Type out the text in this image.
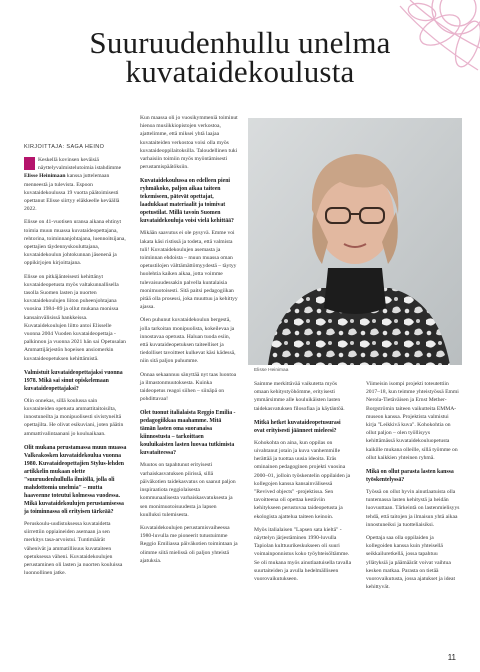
Suuruudenhullu unelma
kuvataidekoulusta
KIRJOITTAJA: SAGA HEINO

Keskellä kovinsen keväisiä näyttelyvalmistelutoimia istahdimme Elisse Heinimaan kanssa juttelemaan menneestä ja tulevista. Espoon kuvataidekoulussa 19 vuotta päätoimisesti opettanut Elisse siirtyy eläkkeelle keväällä 2022.

Elisse on 41-vuotisen uransa aikana ehtinyt toimia muun muassa kuvataideopettajana, rehtorina, toiminnanjohtajana, luennoitsijana, opettajien täydennyskouluttajana, kuvataidekoulun johtokunnan jäsenenä ja oppikirjojen kirjoittajana.

Elisse on pitkäjänteisesti kehittänyt kuvataideopetusta myös valtakunnallisella tasolla Suomen lasten ja nuorten kuvataidekoulujen liiton puheenjohtajana vuosina 1984–89 ja ollut mukana monissa kansainvälisissä hankkeissa. Kuvataidekoulujen liitto antoi Elisselle vuonna 2004 Vuoden kuvataideopettaja -palkinnon ja vuonna 2021 hän sai Opetusalan Ammattijärjestön hopeisen ansiomerkin kuvataideopetuksen kehittämistä.

Valmistuit kuvataideopettajaksi vuonna 1978. Mikä sai sinut opiskelemaan kuvataideopettajaksi?

Olin onnekas, sillä koulussa sain kuvataiteiden opetusta ammattitaitoisilta, innostuneilta ja monipuolisesti sivistyneiltä opettajilta. He olivat esikuviani, joten päätin ammattivalintaanani jo kouluaikaan.

Olit mukana perustamassa muun muassa Valkeakosken kuvataidekoulua vuonna 1980. Kuvataideopettajien Stylus-lehden artikkelin mukaan olette "suuruudenhullulla ilmiöllä, jolla oli mahdottomia unelmia" – mutta haaveenne toteutui kolmessa vuodessa. Mikä kuvataidekoulujen perustamisessa ja toiminnassa oli erityisen tärkeää?

Peruskoulu-uudistuksessa kuvataidetta siirrettiin oppiaineiden asemaan ja sen merkitys tasa-arvoistui. Tuntimäärät vähenivät ja ammatillisuus kuvataiteen opetuksessa väheni. Kuvataidekoulujen perustaminen oli lasten ja nuorten kouluissa luonnollinen jatke.

Kun maassa oli jo vuosikymmeniä toiminut hienoa musiikkiopistojen verkostoa, ajattelimme, että miksei yhtä laajaa kuvataiteiden verkostoa voisi olla myös kuvataideoppilaitoksilla. Taloudellinen tuki varhaisiin toimiin myös myöntämisesti perustamispäätöksiin.

Kuvataidekoulussa on edelleen pieni ryhmäkoko, paljon aikaa taiteen tekemiseen, pätevät opettajat, laadukkaat materiaalit ja toimivat opetustilat. Millä tavoin Suomen kuvataidekouluja voisi vielä kehittää?

Mikään saavutus ei ole pysyvä. Emme voi lakata käsi ristissä ja todeta, että valmista tuli! Kuvataidekoulujen asemasta ja toiminnan ehdoista – muun muassa oman opetustilojen välttämättömyydestä – täytyy huolehtia kaiken aikaa, jotta voimme tulevaisuudessakin palvella kuntalaisia monimuotoisesti. Sitä paitsi pedagogiikan pitää olla prosessi, joka muuttuu ja kehittyy ajassa.

Olen puhunut kuvataidekoulun bergestä, jolla tarkoitan monipuolista, kokeilevaa ja innostavaa opetusta. Haluan tuoda esiin, että kuvataideopetuksen taiteelliset ja tiedolliset tavoitteet kulkevat käsi kädessä, niin sitä paljon puhumme.

Onnaa sekaannuu sänyttää nyt taas luontoa ja ilmastonmuutoksesta. Kuinka taideopetus reagoi siihen – siinäpä on pohdittavaa!

Olet tuonut italialaista Reggio Emilia -pedagogiikkaa maahamme. Mitä tämän lasten oma suoranaisa kiinnostusta – tarkoittaen kouluikaisten lasten luovaa tutkimista kuvataiteessa?

Muutos on tapahtunut erityisesti varhaiskasvatuksen piirissä, sillä päiväkotien taidekasvatus on saanut paljon inspiraatiota reggiolaisesta kommunaalisesta varhaiskasvatuksesta ja sen monimuotoisuudesta ja lapsen kuulluksi tulemisesta.

Kuvataidekoulujen perustamisvaiheessa 1980-luvulla me pioneerit tutustuimme Reggio Emiliassa päiväkotien toimintaan ja olimme siitä mielissä oli paljon yhteistä ajatuksia.

Elisse Heinimaa

Saimme merkittävää vaikutetta myös omaan kehitystyöhömme, erityisesti ymmärsimme alle kouluikäisten lasten taidekasvatuksen filosofiaa ja käytäntöä.

Mitkä hetket kuvataideopetusurasi ovat erityisesti jäänneet mieleesi?

Kohokohta on aina, kun oppilas on uivahtanut jotain ja kuva vanhemmille herättää ja tuottaa uusia ideoita. Eräs ominainen pedagoginen projekti vuosina 2000–01, jolloin työskentelin oppilaiden ja kollegojen kanssa kansainvälisessä "Revived objects" -projektissa. Sen tavoitteena oli opettaa kestäviin kehitykseen perustuvaa taideopetusta ja ekologista ajattelua taiteen keinoin.

Myös italialaisen "Lapsen sata kieltä" -näyttelyn järjestäminen 1990-luvulla Tapiolan kulttuurikeskukseen oli suuri voimainponnistus koko työyhteisöltämme. Se oli mukana myös ainutlaatuisella tavalla suurtaiteiden ja avulla hedelmälliseen vuorovaikutukseen.

Viimeisin isompi projekti toteutettiin 2017–18, kun teimme yhteistyössä Emmi Nerola-Tietäväisen ja Ernst Mether-Borgströmin taiteen vaikutteita EMMA-museon kanssa. Projektista valmistui kirja "Leikkivä kuva". Kohokohtia on ollut paljon – olen työllisyys kehittämässä kuvataidekouluopetusta kaikille mukana olleille, sillä työmme on ollut kaikkien yhteinen ryhmä.

Mikä on ollut parasta lasten kanssa työskentelyssä?

Työssä on ollut hyvin ainutlaatuista olla tuntemassa lasten kehitystä ja heidän luovuuttaan. Tärkeintä on lastenmielisyys tehdä, että taitojen ja ilmaisun yhtä aikaa innostuneiksi ja tuotteliaisiksi.

Opettaja saa olla oppilaiden ja kollegoiden kanssa kuin yhteisellä seikkailuretkellä, jossa tapahtuu yllätyksiä ja päämäärät voivat vaihtua kesken matkaa. Parasta on tietää vuorovaikutusta, jossa ajatukset ja ideat kehittyvät.

11
